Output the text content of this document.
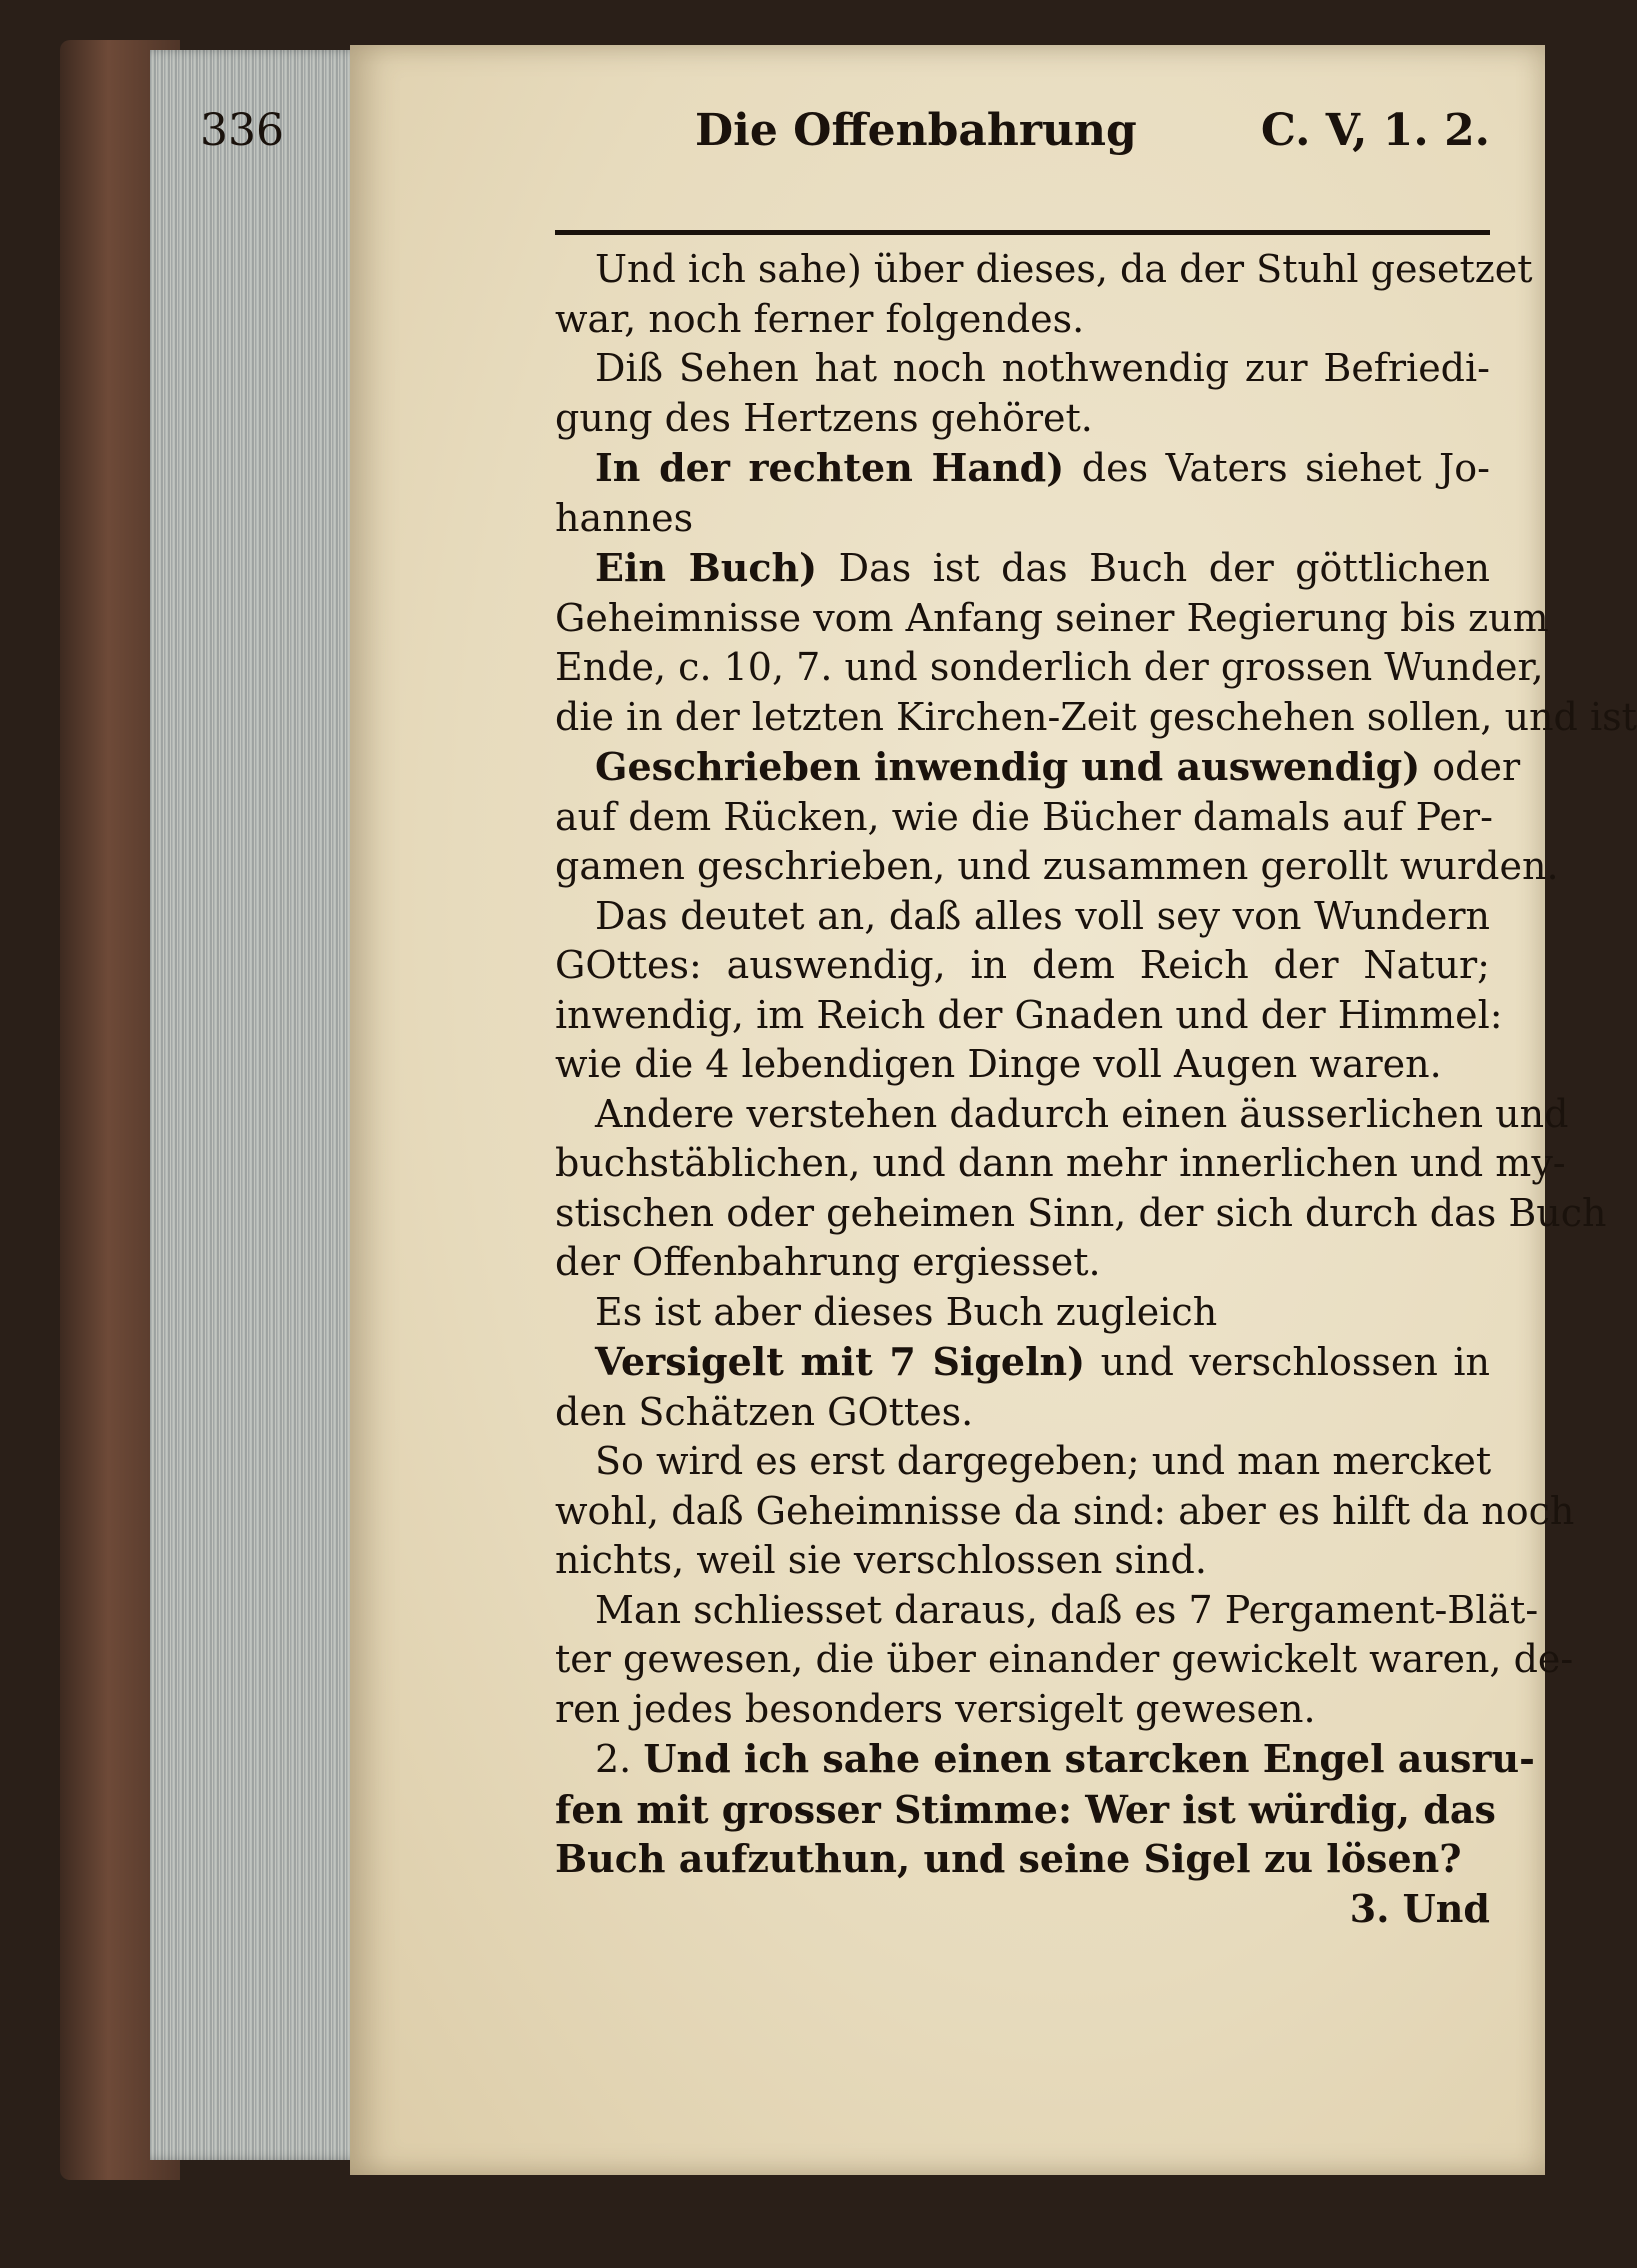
336	Die Offenbahrung	C. V, 1. 2.

Und ich sahe) über dieses, da der Stuhl gesetzet
war, noch ferner folgendes.

Diß Sehen hat noch nothwendig zur Befriedi-
gung des Hertzens gehöret.

In der rechten Hand) des Vaters siehet Jo-
hannes

Ein Buch) Das ist das Buch der göttlichen
Geheimnisse vom Anfang seiner Regierung bis zum
Ende, c. 10, 7. und sonderlich der grossen Wunder,
die in der letzten Kirchen-Zeit geschehen sollen, und ist

Geschrieben inwendig und auswendig) oder
auf dem Rücken, wie die Bücher damals auf Per-
gamen geschrieben, und zusammen gerollt wurden.

Das deutet an, daß alles voll sey von Wundern
GOttes: auswendig, in dem Reich der Natur;
inwendig, im Reich der Gnaden und der Himmel:
wie die 4 lebendigen Dinge voll Augen waren.

Andere verstehen dadurch einen äusserlichen und
buchstäblichen, und dann mehr innerlichen und my-
stischen oder geheimen Sinn, der sich durch das Buch
der Offenbahrung ergiesset.

Es ist aber dieses Buch zugleich

Versigelt mit 7 Sigeln) und verschlossen in
den Schätzen GOttes.

So wird es erst dargegeben; und man mercket
wohl, daß Geheimnisse da sind: aber es hilft da noch
nichts, weil sie verschlossen sind.

Man schliesset daraus, daß es 7 Pergament-Blät-
ter gewesen, die über einander gewickelt waren, de-
ren jedes besonders versigelt gewesen.

2. Und ich sahe einen starcken Engel ausru-
fen mit grosser Stimme: Wer ist würdig, das
Buch aufzuthun, und seine Sigel zu lösen?

3. Und
